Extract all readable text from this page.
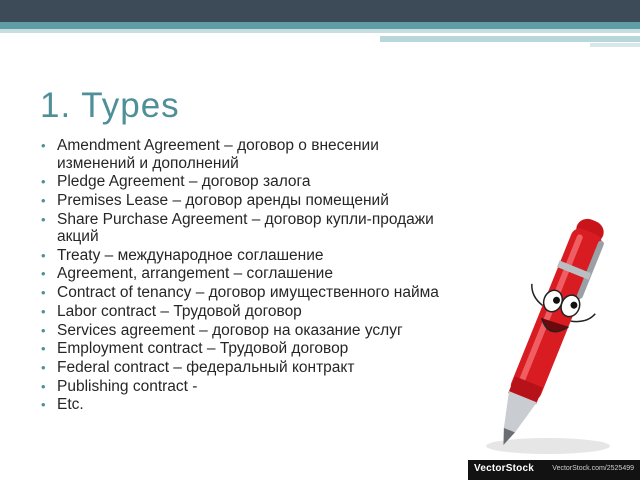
1. Types
• Amendment Agreement – договор о внесении изменений и дополнений
• Pledge Agreement – договор залога
• Premises Lease – договор аренды помещений
• Share Purchase Agreement – договор купли-продажи акций
• Treaty – международное соглашение
• Agreement, arrangement – соглашение
• Contract of tenancy – договор имущественного найма
• Labor contract – Трудовой договор
• Services agreement – договор на оказание услуг
• Employment contract – Трудовой договор
• Federal contract – федеральный контракт
• Publishing contract -
• Etc.
VectorStock	VectorStock.com/2525499
